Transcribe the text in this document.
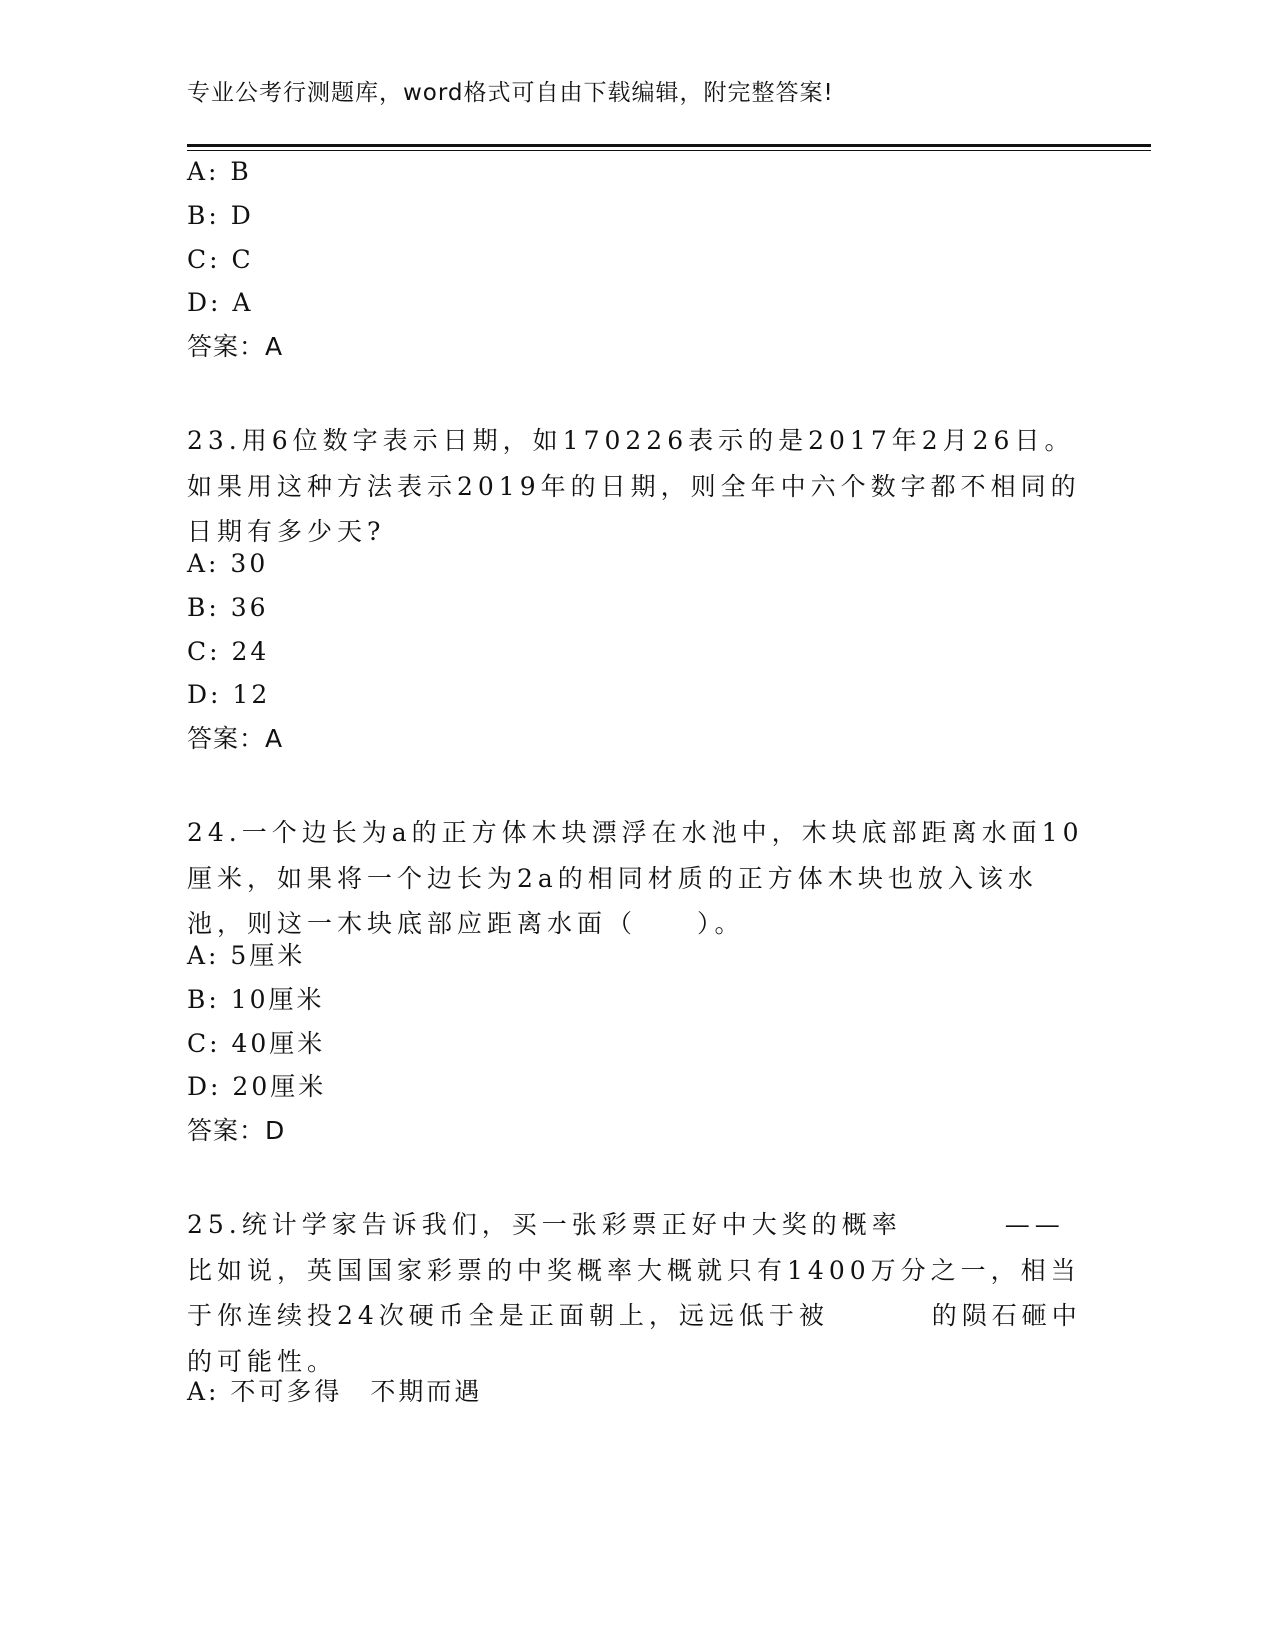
专业公考行测题库，word格式可自由下载编辑，附完整答案!
A: B
B: D
C: C
D: A
答案：A
23.用6位数字表示日期，如170226表示的是2017年2月26日。如果用这种方法表示2019年的日期，则全年中六个数字都不相同的日期有多少天?
A: 30
B: 36
C: 24
D: 12
答案：A
24.一个边长为a的正方体木块漂浮在水池中，木块底部距离水面10厘米，如果将一个边长为2a的相同材质的正方体木块也放入该水池，则这一木块底部应距离水面（　　）。
A: 5厘米
B: 10厘米
C: 40厘米
D: 20厘米
答案：D
25.统计学家告诉我们，买一张彩票正好中大奖的概率 　　　——比如说，英国国家彩票的中奖概率大概就只有1400万分之一，相当于你连续投24次硬币全是正面朝上，远远低于被 　　　的陨石砸中的可能性。
A: 不可多得　不期而遇
